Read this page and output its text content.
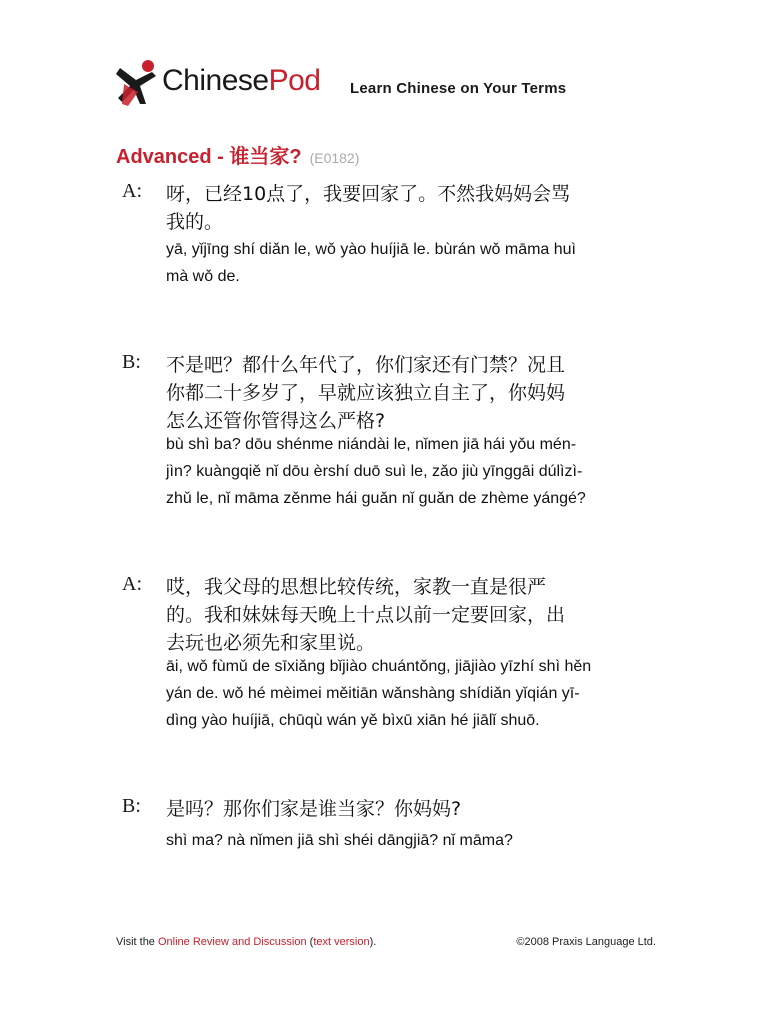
ChinesePod Learn Chinese on Your Terms
Advanced - 谁当家? (E0182)
A: 呀，已经10点了，我要回家了。不然我妈妈会骂
我的。
yā, yǐjīng shí diǎn le, wǒ yào huíjiā le. bùrán wǒ māma huì
mà wǒ de.
B: 不是吧？都什么年代了，你们家还有门禁？况且
你都二十多岁了，早就应该独立自主了，你妈妈
怎么还管你管得这么严格?
bù shì ba? dōu shénme niándài le, nǐmen jiā hái yǒu mén-
jìn? kuàngqiě nǐ dōu èrshí duō suì le, zǎo jiù yīnggāi dúlìzì-
zhǔ le, nǐ māma zěnme hái guǎn nǐ guǎn de zhème yángé?
A: 哎，我父母的思想比较传统，家教一直是很严
的。我和妹妹每天晚上十点以前一定要回家，出
去玩也必须先和家里说。
āi, wǒ fùmǔ de sīxiǎng bǐjiào chuántǒng, jiājiào yīzhí shì hěn
yán de. wǒ hé mèimei měitiān wǎnshàng shídiǎn yǐqián yī-
dìng yào huíjiā, chūqù wán yě bìxū xiān hé jiālǐ shuō.
B: 是吗？那你们家是谁当家？你妈妈?
shì ma? nà nǐmen jiā shì shéi dāngjiā? nǐ māma?
Visit the Online Review and Discussion (text version).	©2008 Praxis Language Ltd.
